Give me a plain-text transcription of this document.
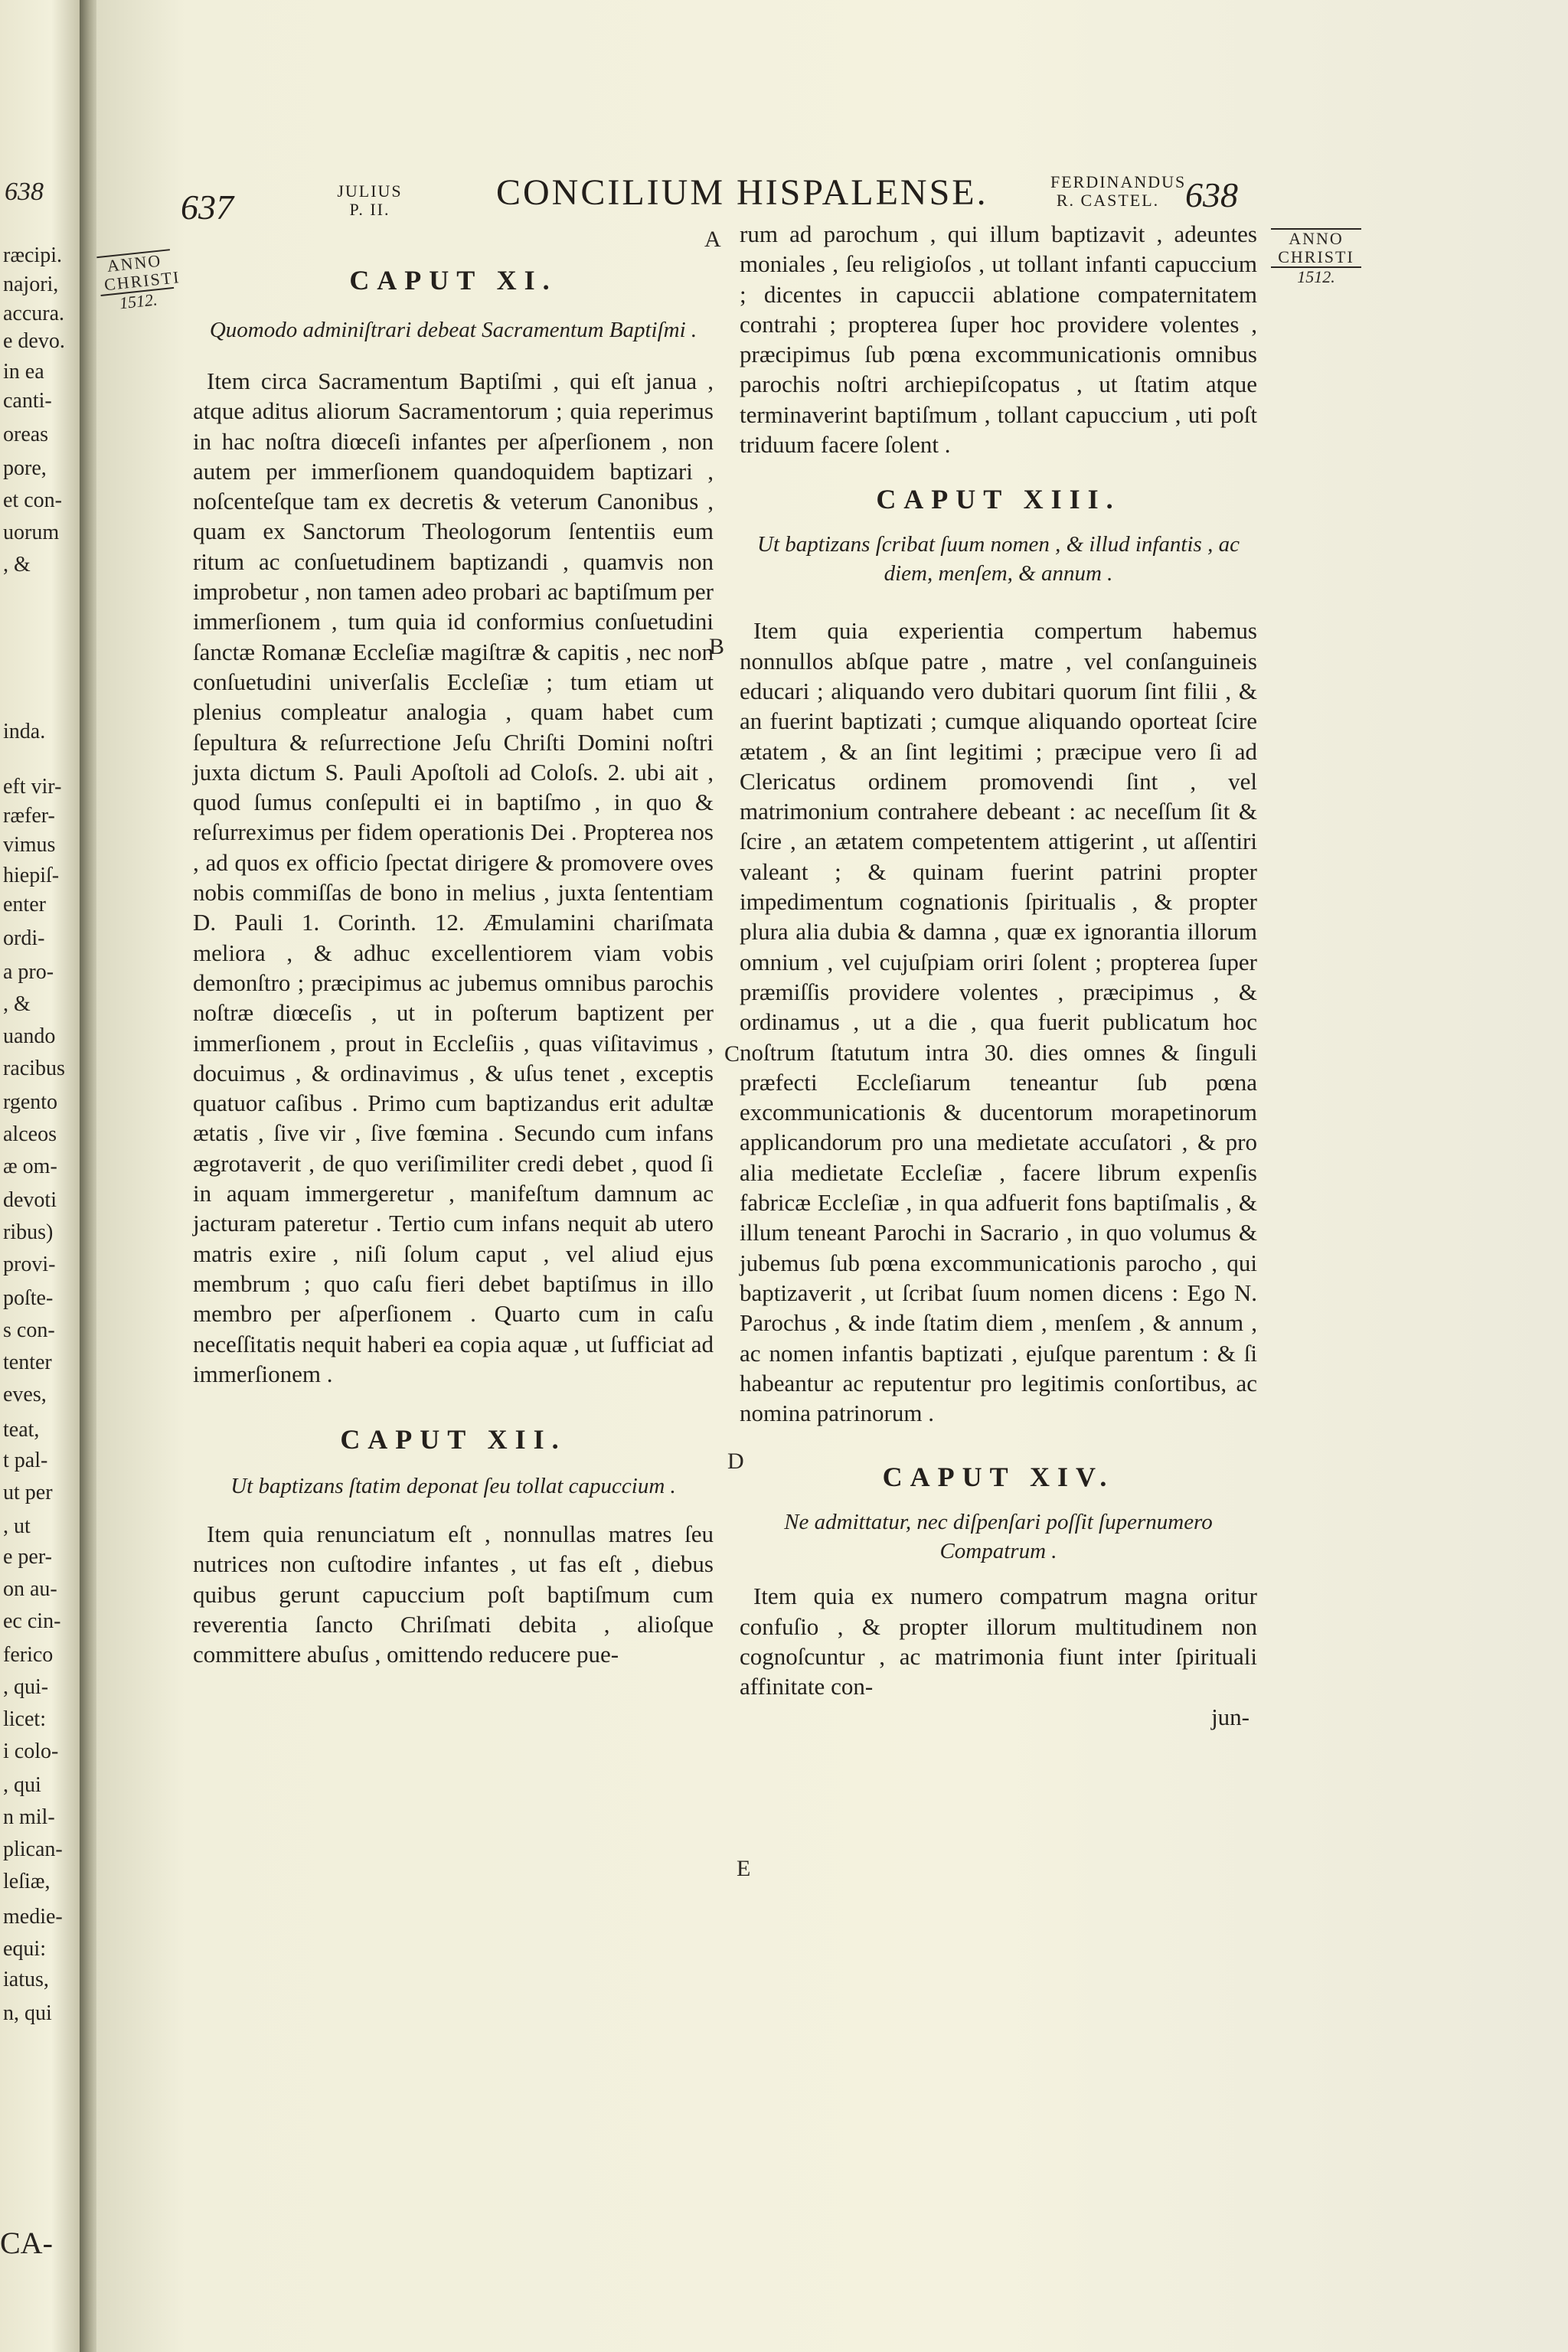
638
ræcipi.
najori,
accura.
e devo.
in ea
canti-
oreas
pore,
et con-
uorum
, &
inda.
eft vir-
ræfer-
vimus
hiepiſ-
enter
ordi-
a pro-
, &
uando
racibus
rgento
alceos
æ om-
devoti
ribus)
provi-
poſte-
s con-
tenter
eves,
teat,
t pal-
ut per
, ut
e per-
on au-
ec cin-
ferico
, qui-
licet:
i colo-
, qui
n mil-
plican-
leſiæ,
medie-
equi:
iatus,
n, qui
CA-
637	JULIUS
P. II.	CONCILIUM HISPALENSE.	FERDINANDUS
R. CASTEL. 638
ANNO CHRISTI
1512.
ANNO CHRISTI
1512.
A
B
C
D
E
CAPUT XI.

Quomodo adminiſtrari debeat Sacramentum Baptiſmi .

Item circa Sacramentum Baptiſmi , qui eſt janua , atque aditus aliorum Sacramentorum ; quia reperimus in hac noſtra diœceſi infantes per aſperſionem , non autem per immerſionem quandoquidem baptizari , noſcenteſque tam ex decretis & veterum Canonibus , quam ex Sanctorum Theologorum ſententiis eum ritum ac conſuetudinem baptizandi , quamvis non improbetur , non tamen adeo probari ac baptiſmum per immerſionem , tum quia id conformius conſuetudini ſanctæ Romanæ Eccleſiæ magiſtræ & capitis , nec non conſuetudini univerſalis Eccleſiæ ; tum etiam ut plenius compleatur analogia , quam habet cum ſepultura & reſurrectione Jeſu Chriſti Domini noſtri juxta dictum S. Pauli Apoſtoli ad Coloſs. 2. ubi ait , quod ſumus conſepulti ei in baptiſmo , in quo & reſurreximus per fidem operationis Dei . Propterea nos , ad quos ex officio ſpectat dirigere & promovere oves nobis commiſſas de bono in melius , juxta ſententiam D. Pauli 1. Corinth. 12. Æmulamini chariſmata meliora , & adhuc excellentiorem viam vobis demonſtro ; præcipimus ac jubemus omnibus parochis noſtræ diœceſis , ut in poſterum baptizent per immerſionem , prout in Eccleſiis , quas viſitavimus , docuimus , & ordinavimus , & uſus tenet , exceptis quatuor caſibus . Primo cum baptizandus erit adultæ ætatis , ſive vir , ſive fœmina . Secundo cum infans ægrotaverit , de quo veriſimiliter credi debet , quod ſi in aquam immergeretur , manifeſtum damnum ac jacturam pateretur . Tertio cum infans nequit ab utero matris exire , niſi ſolum caput , vel aliud ejus membrum ; quo caſu fieri debet baptiſmus in illo membro per aſperſionem . Quarto cum in caſu neceſſitatis nequit haberi ea copia aquæ , ut ſufficiat ad immerſionem .

CAPUT XII.

Ut baptizans ſtatim deponat ſeu tollat capuccium .

Item quia renunciatum eſt , nonnullas matres ſeu nutrices non cuſtodire infantes , ut fas eſt , diebus quibus gerunt capuccium poſt baptiſmum cum reverentia ſancto Chriſmati debita , alioſque committere abuſus , omittendo reducere pue-

rum ad parochum , qui illum baptizavit , adeuntes moniales , ſeu religioſos , ut tollant infanti capuccium ; dicentes in capuccii ablatione compaternitatem contrahi ; propterea ſuper hoc providere volentes , præcipimus ſub pœna excommunicationis omnibus parochis noſtri archiepiſcopatus , ut ſtatim atque terminaverint baptiſmum , tollant capuccium , uti poſt triduum facere ſolent .

CAPUT XIII.

Ut baptizans ſcribat ſuum nomen , & illud infantis , ac diem, menſem, & annum .

Item quia experientia compertum habemus nonnullos abſque patre , matre , vel conſanguineis educari ; aliquando vero dubitari quorum ſint filii , & an fuerint baptizati ; cumque aliquando oporteat ſcire ætatem , & an ſint legitimi ; præcipue vero ſi ad Clericatus ordinem promovendi ſint , vel matrimonium contrahere debeant : ac neceſſum ſit & ſcire , an ætatem competentem attigerint , ut aſſentiri valeant ; & quinam fuerint patrini propter impedimentum cognationis ſpiritualis , & propter plura alia dubia & damna , quæ ex ignorantia illorum omnium , vel cujuſpiam oriri ſolent ; propterea ſuper præmiſſis providere volentes , præcipimus , & ordinamus , ut a die , qua fuerit publicatum hoc noſtrum ſtatutum intra 30. dies omnes & ſinguli præfecti Eccleſiarum teneantur ſub pœna excommunicationis & ducentorum morapetinorum applicandorum pro una medietate accuſatori , & pro alia medietate Eccleſiæ , facere librum expenſis fabricæ Eccleſiæ , in qua adfuerit fons baptiſmalis , & illum teneant Parochi in Sacrario , in quo volumus & jubemus ſub pœna excommunicationis parocho , qui baptizaverit , ut ſcribat ſuum nomen dicens : Ego N. Parochus , & inde ſtatim diem , menſem , & annum , ac nomen infantis baptizati , ejuſque parentum : & ſi habeantur ac reputentur pro legitimis conſortibus, ac nomina patrinorum .

CAPUT XIV.

Ne admittatur, nec diſpenſari poſſit ſupernumero Compatrum .

Item quia ex numero compatrum magna oritur confuſio , & propter illorum multitudinem non cognoſcuntur , ac matrimonia fiunt inter ſpirituali affinitate con-

jun-
